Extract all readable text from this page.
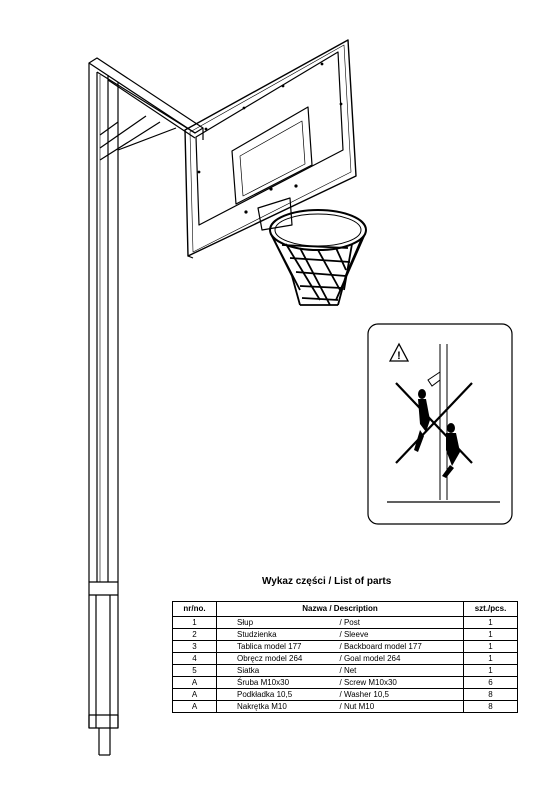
!
Wykaz części / List of parts
nr/no.	Nazwa / Description		szt./pcs.
1	Słup	/ Post	1
2	Studzienka	/ Sleeve	1
3	Tablica model 177	/ Backboard model 177	1
4	Obręcz model 264	/ Goal model 264	1
5	Siatka	/ Net	1
A	Śruba M10x30	/ Screw M10x30	6
A	Podkładka 10,5	/ Washer 10,5	8
A	Nakrętka M10	/ Nut M10	8
